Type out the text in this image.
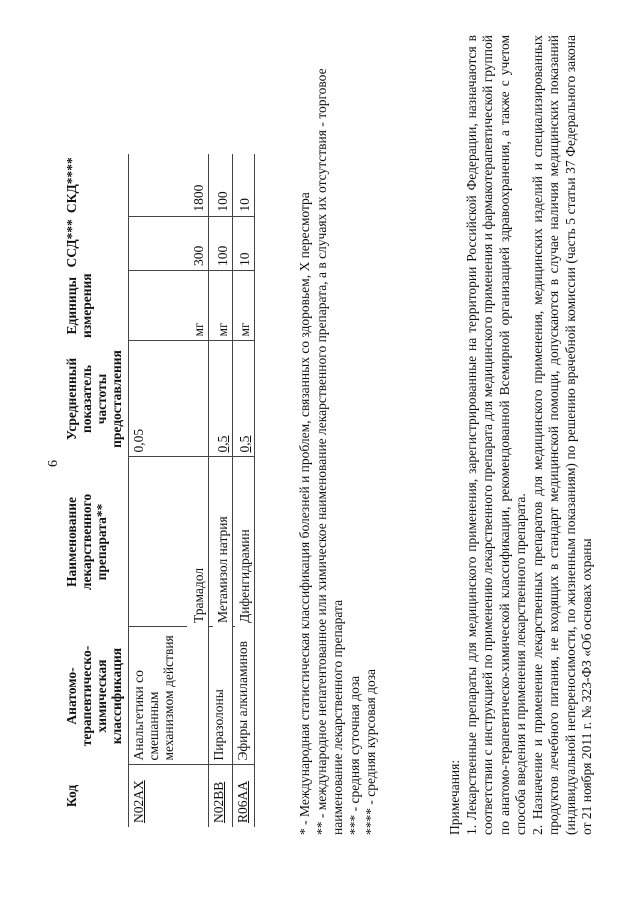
6
Код	Анатомо-терапевтическо-химическая классификация	Наименование лекарственного препарата**	Усредненный показатель частоты предоставления	Единицы измерения	ССД***	СКД****
N02AX	Анальгетики со смешанным механизмом действия		0,05			
		Трамадол		мг	300	1800
N02BB	Пиразолоны					
		Метамизол натрия	0,5	мг	100	100
R06AA	Эфиры алкиламинов					
		Дифенгидрамин	0,5	мг	10	10	* - Международная статистическая классификация болезней и проблем, связанных со здоровьем, X пересмотра ** - международное непатентованное или химическое наименование лекарственного препарата, а в случаях их отсутствия - торговое наименование лекарственного препарата *** - средняя суточная доза **** - средняя курсовая доза	Примечания: 1. Лекарственные препараты для медицинского применения, зарегистрированные на территории Российской Федерации, назначаются в соответствии с инструкцией по применению лекарственного препарата для медицинского применения и фармакотерапевтической группой по анатомо-терапевтическо-химической классификации, рекомендованной Всемирной организацией здравоохранения, а также с учетом способа введения и применения лекарственного препарата. 2. Назначение и применение лекарственных препаратов для медицинского применения, медицинских изделий и специализированных продуктов лечебного питания, не входящих в стандарт медицинской помощи, допускаются в случае наличия медицинских показаний (индивидуальной непереносимости, по жизненным показаниям) по решению врачебной комиссии (часть 5 статьи 37 Федерального закона от 21 ноября 2011 г. № 323-ФЗ «Об основах охраны
